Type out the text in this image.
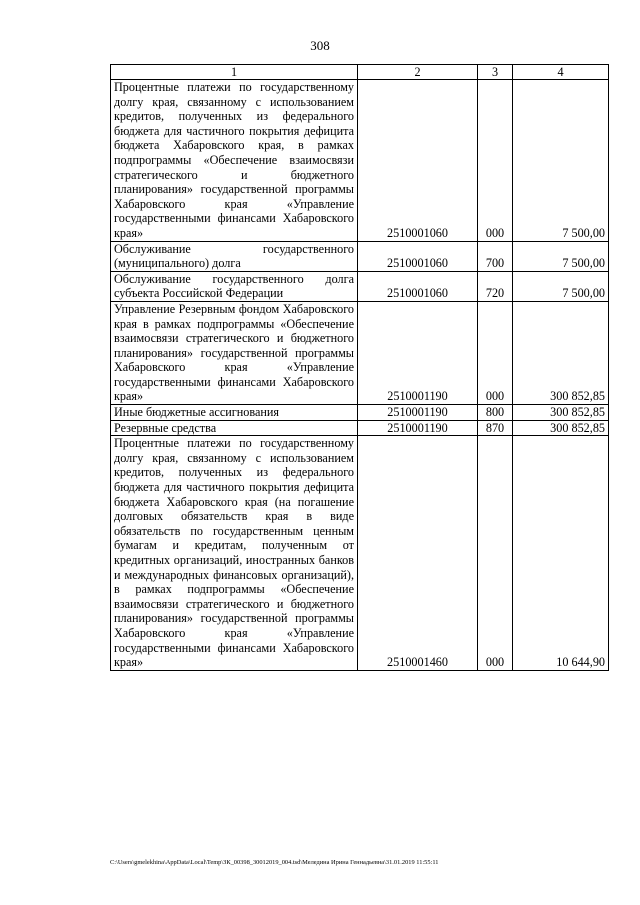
308
1	2	3	4
Процентные платежи по государственному долгу края, связанному с использованием кредитов, полученных из федерального бюджета для частичного покрытия дефицита бюджета Хабаровского края, в рамках подпрограммы «Обеспечение взаимосвязи стратегического и бюджетного планирования» государственной программы Хабаровского края «Управление государственными финансами Хабаровского края»	2510001060	000	7 500,00
Обслуживание государственного (муниципального) долга	2510001060	700	7 500,00
Обслуживание государственного долга субъекта Российской Федерации	2510001060	720	7 500,00
Управление Резервным фондом Хабаровского края в рамках подпрограммы «Обеспечение взаимосвязи стратегического и бюджетного планирования» государственной программы Хабаровского края «Управление государственными финансами Хабаровского края»	2510001190	000	300 852,85
Иные бюджетные ассигнования	2510001190	800	300 852,85
Резервные средства	2510001190	870	300 852,85
Процентные платежи по государственному долгу края, связанному с использованием кредитов, полученных из федерального бюджета для частичного покрытия дефицита бюджета Хабаровского края (на погашение долговых обязательств края в виде обязательств по государственным ценным бумагам и кредитам, полученным от кредитных организаций, иностранных банков и международных финансовых организаций), в рамках подпрограммы «Обеспечение взаимосвязи стратегического и бюджетного планирования» государственной программы Хабаровского края «Управление государственными финансами Хабаровского края»	2510001460	000	10 644,90
C:\Users\gmelekhina\AppData\Local\Temp\ЗК_00398_30012019_004.tsd\Меледина Ирина Геннадьевна\31.01.2019 11:55:11
